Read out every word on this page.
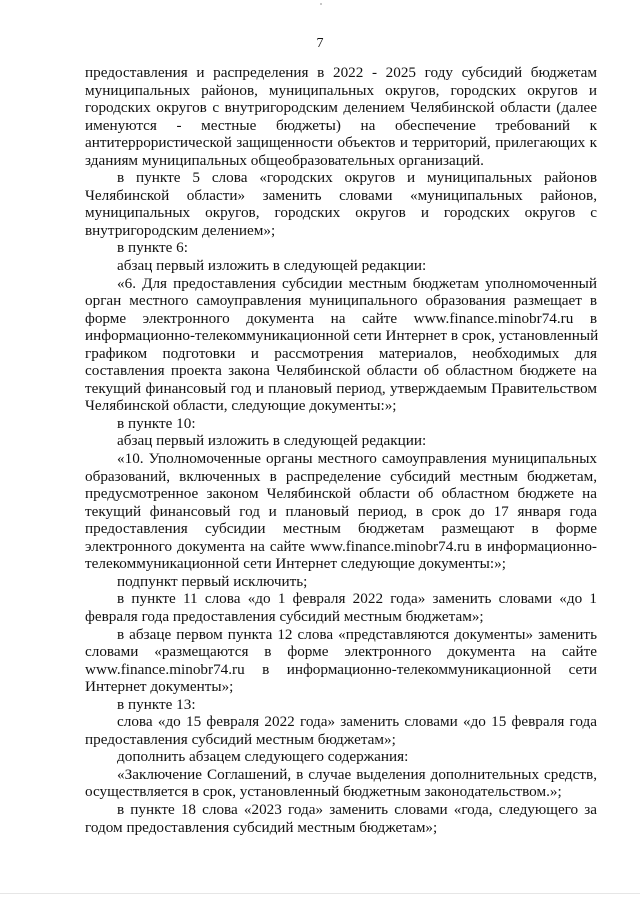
7
предоставления и распределения в 2022 - 2025 году субсидий бюджетам
муниципальных районов, муниципальных округов, городских округов и
городских округов с внутригородским делением Челябинской области (далее
именуются - местные бюджеты) на обеспечение требований к
антитеррористической защищенности объектов и территорий, прилегающих к
зданиям муниципальных общеобразовательных организаций.
в пункте 5 слова «городских округов и муниципальных районов
Челябинской области» заменить словами «муниципальных районов,
муниципальных округов, городских округов и городских округов с
внутригородским делением»;
в пункте 6:
абзац первый изложить в следующей редакции:
«6. Для предоставления субсидии местным бюджетам уполномоченный
орган местного самоуправления муниципального образования размещает в
форме электронного документа на сайте www.finance.minobr74.ru в
информационно-телекоммуникационной сети Интернет в срок, установленный
графиком подготовки и рассмотрения материалов, необходимых для
составления проекта закона Челябинской области об областном бюджете на
текущий финансовый год и плановый период, утверждаемым Правительством
Челябинской области, следующие документы:»;
в пункте 10:
абзац первый изложить в следующей редакции:
«10. Уполномоченные органы местного самоуправления муниципальных
образований, включенных в распределение субсидий местным бюджетам,
предусмотренное законом Челябинской области об областном бюджете на
текущий финансовый год и плановый период, в срок до 17 января года
предоставления субсидии местным бюджетам размещают в форме
электронного документа на сайте www.finance.minobr74.ru в информационно-
телекоммуникационной сети Интернет следующие документы:»;
подпункт первый исключить;
в пункте 11 слова «до 1 февраля 2022 года» заменить словами «до 1
февраля года предоставления субсидий местным бюджетам»;
в абзаце первом пункта 12 слова «представляются документы» заменить
словами «размещаются в форме электронного документа на сайте
www.finance.minobr74.ru в информационно-телекоммуникационной сети
Интернет документы»;
в пункте 13:
слова «до 15 февраля 2022 года» заменить словами «до 15 февраля года
предоставления субсидий местным бюджетам»;
дополнить абзацем следующего содержания:
«Заключение Соглашений, в случае выделения дополнительных средств,
осуществляется в срок, установленный бюджетным законодательством.»;
в пункте 18 слова «2023 года» заменить словами «года, следующего за
годом предоставления субсидий местным бюджетам»;
